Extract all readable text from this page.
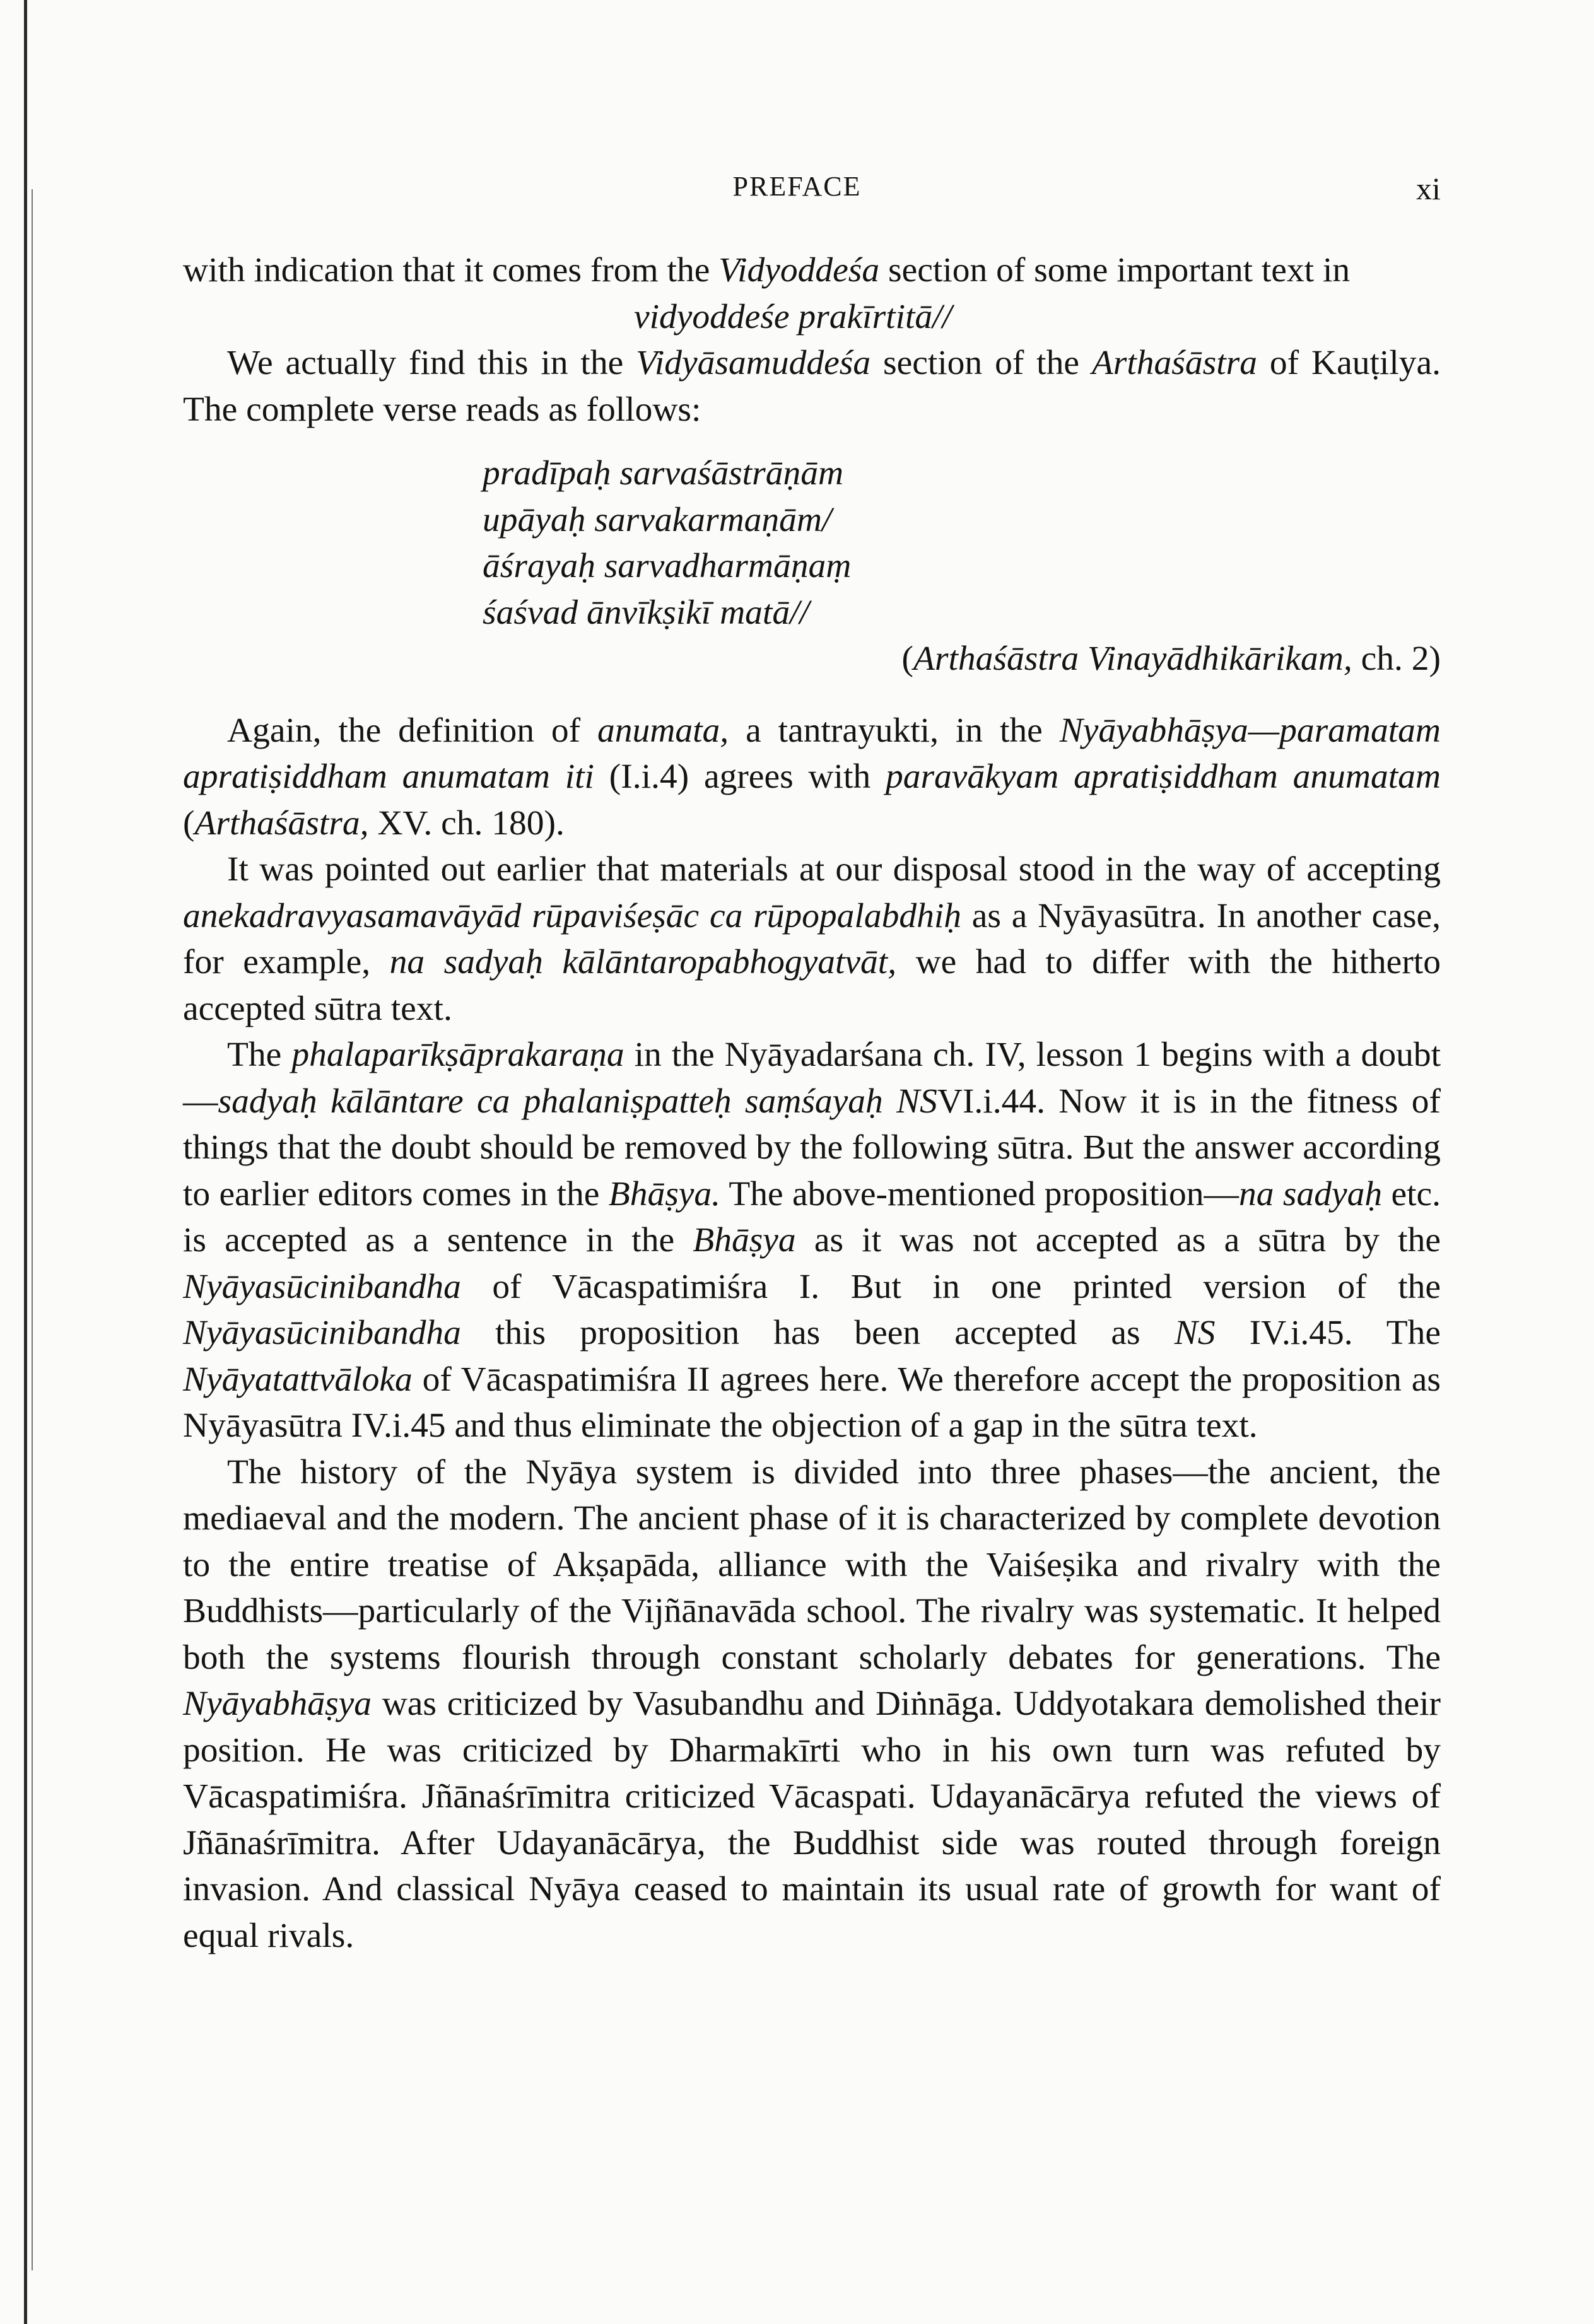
PREFACE	xi

with indication that it comes from the Vidyoddeśa section of some important text in

vidyoddeśe prakīrtitā//

We actually find this in the Vidyāsamuddeśa section of the Arthaśāstra of Kauṭilya. The complete verse reads as follows:

pradīpaḥ sarvaśāstrāṇām
upāyaḥ sarvakarmaṇām/
āśrayaḥ sarvadharmāṇaṃ
śaśvad ānvīkṣikī matā//

(Arthaśāstra Vinayādhikārikam, ch. 2)

Again, the definition of anumata, a tantrayukti, in the Nyāyabhāṣya—paramatam apratiṣiddham anumatam iti (I.i.4) agrees with paravākyam apratiṣiddham anumatam (Arthaśāstra, XV. ch. 180).

It was pointed out earlier that materials at our disposal stood in the way of accepting anekadravyasamavāyād rūpaviśeṣāc ca rūpopalabdhiḥ as a Nyāyasūtra. In another case, for example, na sadyaḥ kālāntaropabhogyatvāt, we had to differ with the hitherto accepted sūtra text.

The phalaparīkṣāprakaraṇa in the Nyāyadarśana ch. IV, lesson 1 begins with a doubt—sadyaḥ kālāntare ca phalaniṣpatteḥ saṃśayaḥ NSVI.i.44. Now it is in the fitness of things that the doubt should be removed by the following sūtra. But the answer according to earlier editors comes in the Bhāṣya. The above-mentioned proposition—na sadyaḥ etc. is accepted as a sentence in the Bhāṣya as it was not accepted as a sūtra by the Nyāyasūcinibandha of Vācaspatimiśra I. But in one printed version of the Nyāyasūcinibandha this proposition has been accepted as NS IV.i.45. The Nyāyatattvāloka of Vācaspatimiśra II agrees here. We therefore accept the proposition as Nyāyasūtra IV.i.45 and thus eliminate the objection of a gap in the sūtra text.

The history of the Nyāya system is divided into three phases—the ancient, the mediaeval and the modern. The ancient phase of it is characterized by complete devotion to the entire treatise of Akṣapāda, alliance with the Vaiśeṣika and rivalry with the Buddhists—particularly of the Vijñānavāda school. The rivalry was systematic. It helped both the systems flourish through constant scholarly debates for generations. The Nyāyabhāṣya was criticized by Vasubandhu and Diṅnāga. Uddyotakara demolished their position. He was criticized by Dharmakīrti who in his own turn was refuted by Vācaspatimiśra. Jñānaśrīmitra criticized Vācaspati. Udayanācārya refuted the views of Jñānaśrīmitra. After Udayanācārya, the Buddhist side was routed through foreign invasion. And classical Nyāya ceased to maintain its usual rate of growth for want of equal rivals.
